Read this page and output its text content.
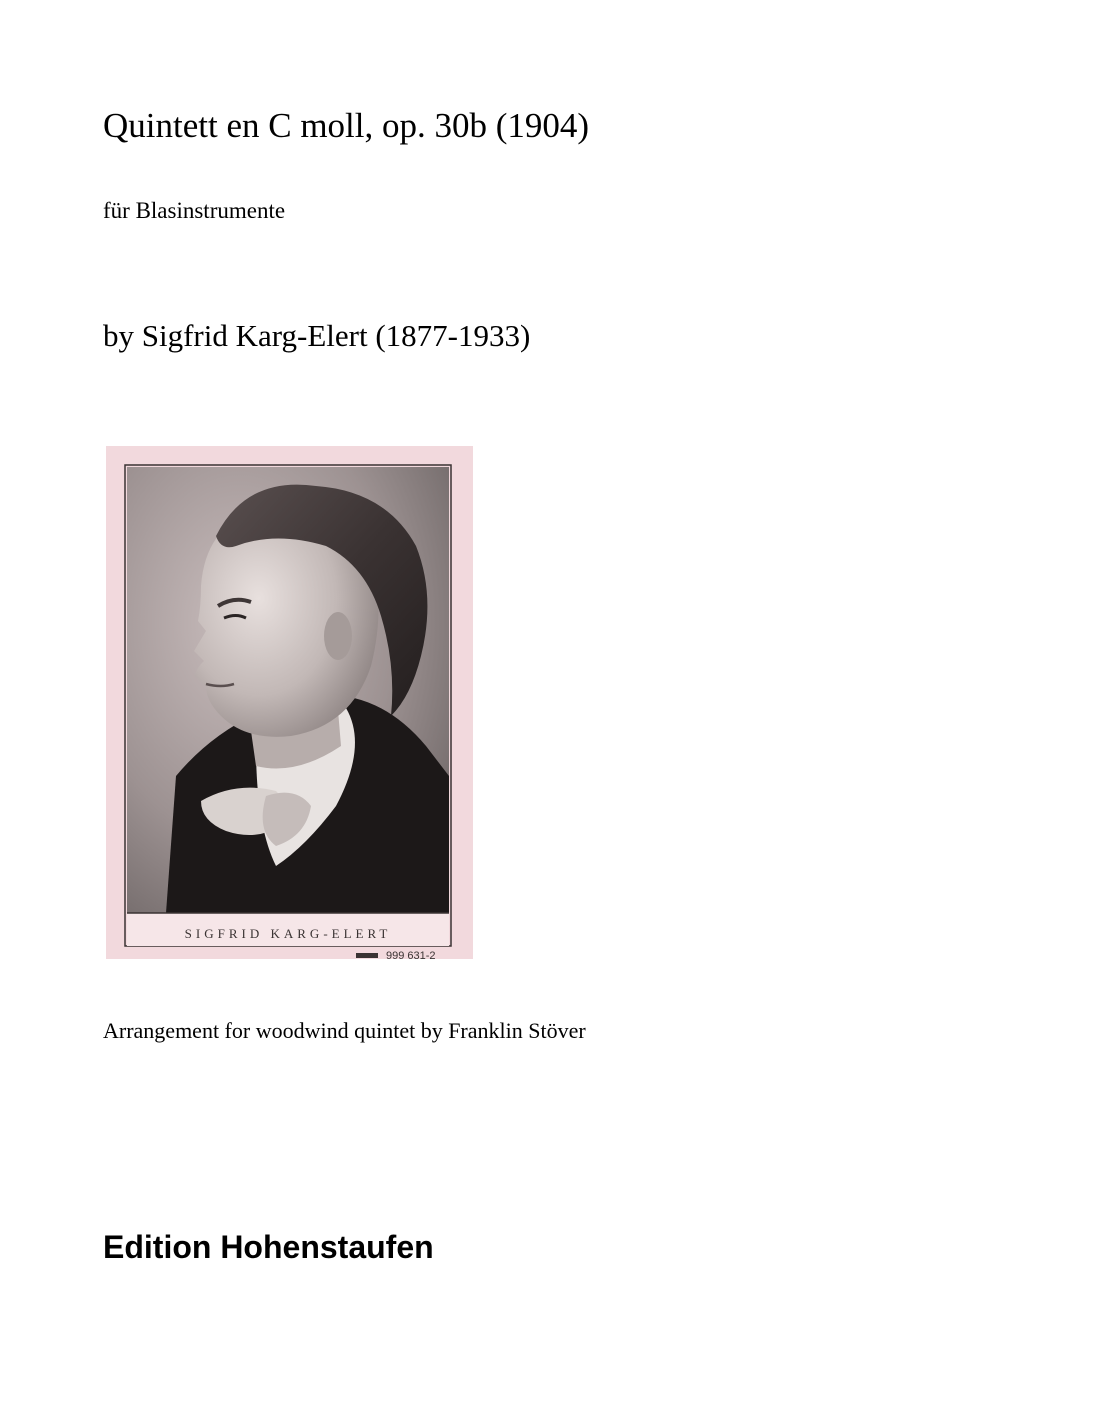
Quintett en C moll, op. 30b (1904)
für Blasinstrumente
by Sigfrid Karg-Elert (1877-1933)
SIGFRID KARG-ELERT
999 631-2
Arrangement for woodwind quintet by Franklin Stöver
Edition Hohenstaufen
